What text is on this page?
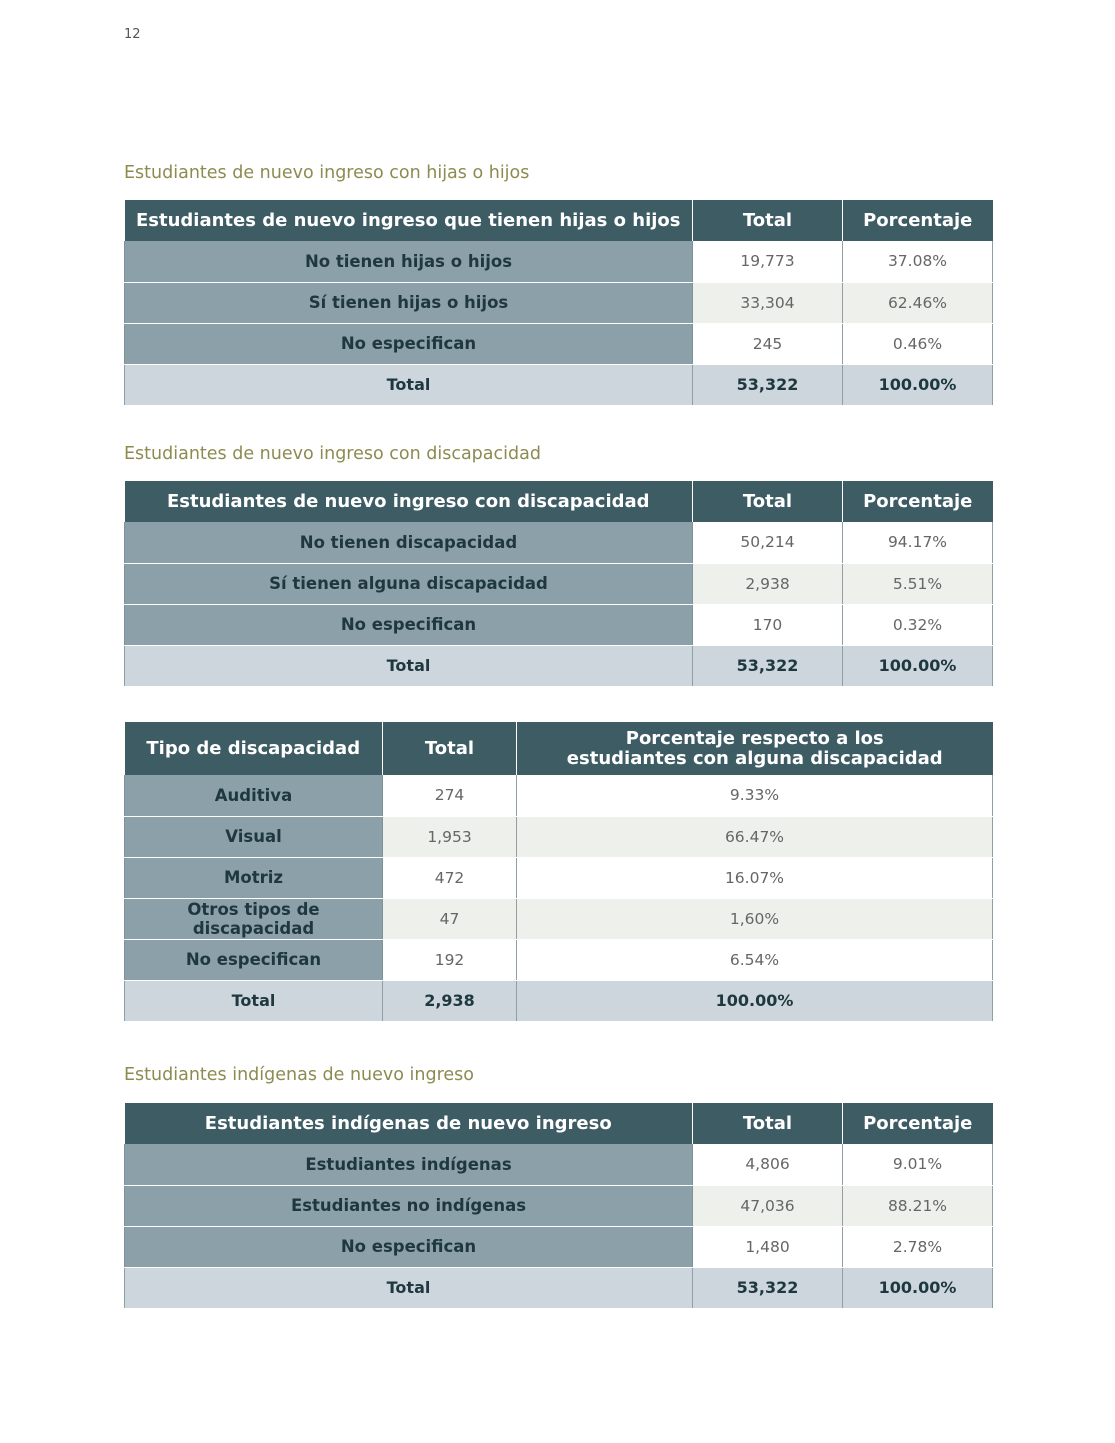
12
Estudiantes de nuevo ingreso con hijas o hijos
Estudiantes de nuevo ingreso que tienen hijas o hijos	Total	Porcentaje
No tienen hijas o hijos	19,773	37.08%
Sí tienen hijas o hijos	33,304	62.46%
No especifican	245	0.46%
Total	53,322	100.00%
Estudiantes de nuevo ingreso con discapacidad
Estudiantes de nuevo ingreso con discapacidad	Total	Porcentaje
No tienen discapacidad	50,214	94.17%
Sí tienen alguna discapacidad	2,938	5.51%
No especifican	170	0.32%
Total	53,322	100.00%
Tipo de discapacidad	Total	Porcentaje respecto a los
estudiantes con alguna discapacidad

Auditiva	274	9.33%
Visual	1,953	66.47%
Motriz	472	16.07%
Otros tipos de discapacidad	47	1,60%
No especifican	192	6.54%
Total	2,938	100.00%
Estudiantes indígenas de nuevo ingreso
Estudiantes indígenas de nuevo ingreso	Total	Porcentaje
Estudiantes indígenas	4,806	9.01%
Estudiantes no indígenas	47,036	88.21%
No especifican	1,480	2.78%
Total	53,322	100.00%
